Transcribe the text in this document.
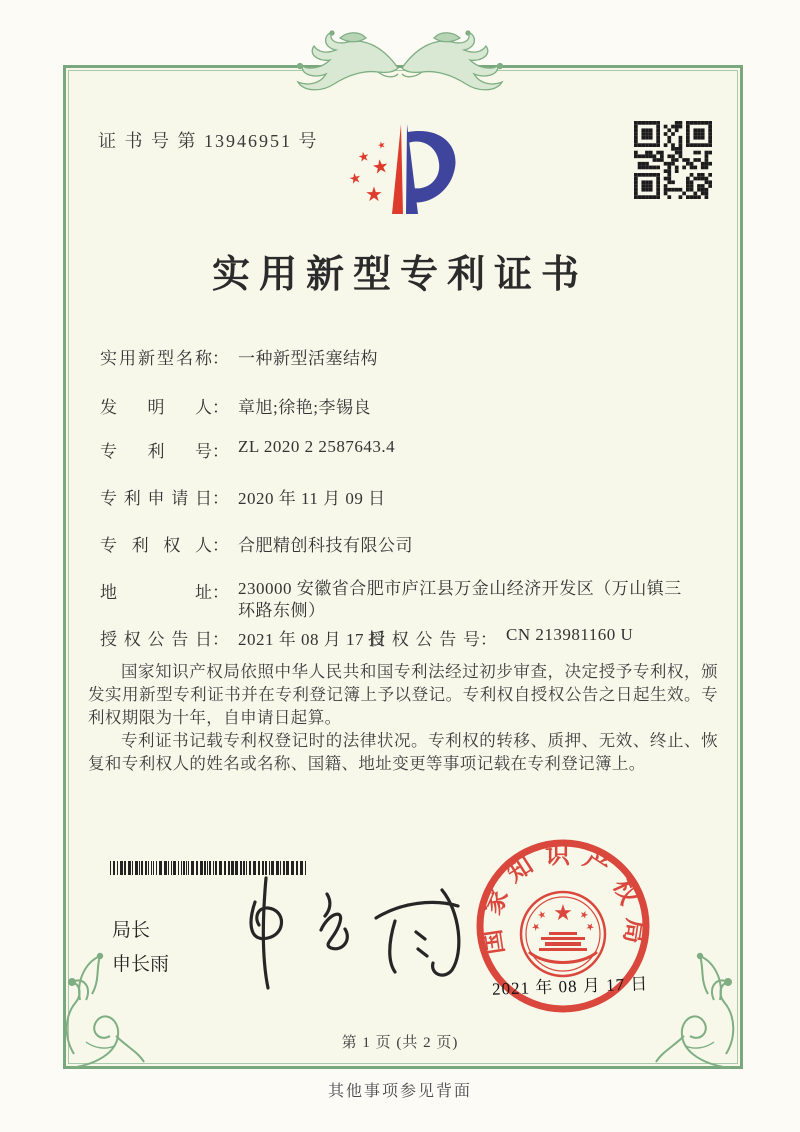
证 书 号 第 13946951 号	★
★ ★
★
★
实用新型专利证书
实用新型名称： 一种新型活塞结构
发明人： 章旭;徐艳;李锡良
专利号： ZL 2020 2 2587643.4
专利申请日： 2020 年 11 月 09 日
专利权人： 合肥精创科技有限公司
地址： 230000 安徽省合肥市庐江县万金山经济开发区（万山镇三环路东侧）
授权公告日： 2021 年 08 月 17 日
授权公告号： CN 213981160 U

国家知识产权局依照中华人民共和国专利法经过初步审查，决定授予专利权，颁发实用新型专利证书并在专利登记簿上予以登记。专利权自授权公告之日起生效。专利权期限为十年，自申请日起算。

专利证书记载专利权登记时的法律状况。专利权的转移、质押、无效、终止、恢复和专利权人的姓名或名称、国籍、地址变更等事项记载在专利登记簿上。

局长
申长雨
国家知识产权局
★
★	★
★	★
2021 年 08 月 17 日
第 1 页 (共 2 页)
其他事项参见背面
